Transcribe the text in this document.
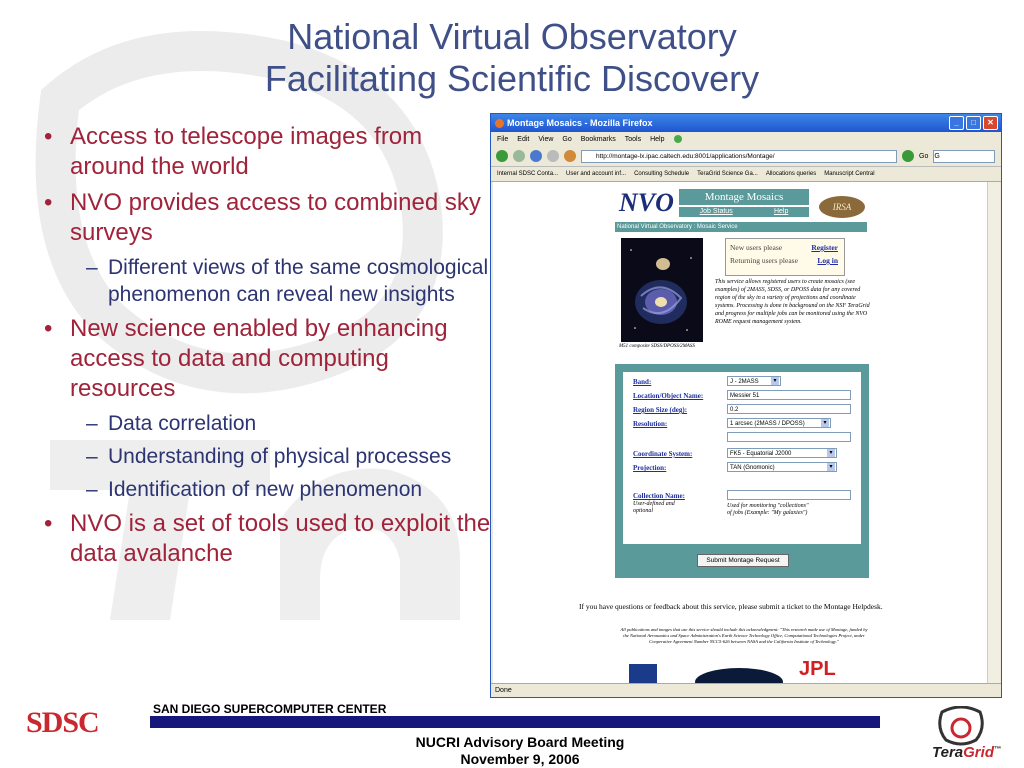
National Virtual Observatory
Facilitating Scientific Discovery
• Access to telescope images from around the world
• NVO provides access to combined sky surveys
– Different views of the same cosmological phenomenon can reveal new insights
• New science enabled by enhancing access to data and computing resources
– Data correlation
– Understanding of physical processes
– Identification of new phenomenon
• NVO is a set of tools used to exploit the data avalanche
Montage Mosaics - Mozilla Firefox	_	□	✕
File Edit View Go Bookmarks Tools Help
http://montage-lx.ipac.caltech.edu:8001/applications/Montage/	Go G
Internal SDSC Conta... User and account inf... Consulting Schedule TeraGrid Science Ga... Allocations queries Manuscript Central
NVO	Montage Mosaics
Job Status	Help	IRSA
National Virtual Observatory : Mosaic Service
M51 composite SDSS/DPOSS/2MASS
New users please	Register
Returning users please	Log in
This service allows registered users to create mosaics (see examples) of 2MASS, SDSS, or DPOSS data for any covered region of the sky in a variety of projections and coordinate systems. Processing is done in background on the NSF TeraGrid and progress for multiple jobs can be monitored using the NVO ROME request management system.
Band:	J - 2MASS ▾
Location/Object Name:	Messier 51
Region Size (deg):	0.2
Resolution:	1 arcsec (2MASS / DPOSS) ▾
Coordinate System:	FK5 - Equatorial J2000 ▾
Projection:	TAN (Gnomonic) ▾
Collection Name:
User-defined and
optional
Used for monitoring "collections"
of jobs (Example: "My galaxies")
Submit Montage Request
If you have questions or feedback about this service, please submit a ticket to the Montage Helpdesk.
All publications and images that use this service should include this acknowledgment: "This research made use of Montage, funded by the National Aeronautics and Space Administration's Earth Science Technology Office, Computational Technologies Project, under Cooperative Agreement Number NCC5-626 between NASA and the California Institute of Technology."
JPL
Done
SDSC	SAN DIEGO SUPERCOMPUTER CENTER
NUCRI Advisory Board Meeting
November 9, 2006	TeraGrid™
